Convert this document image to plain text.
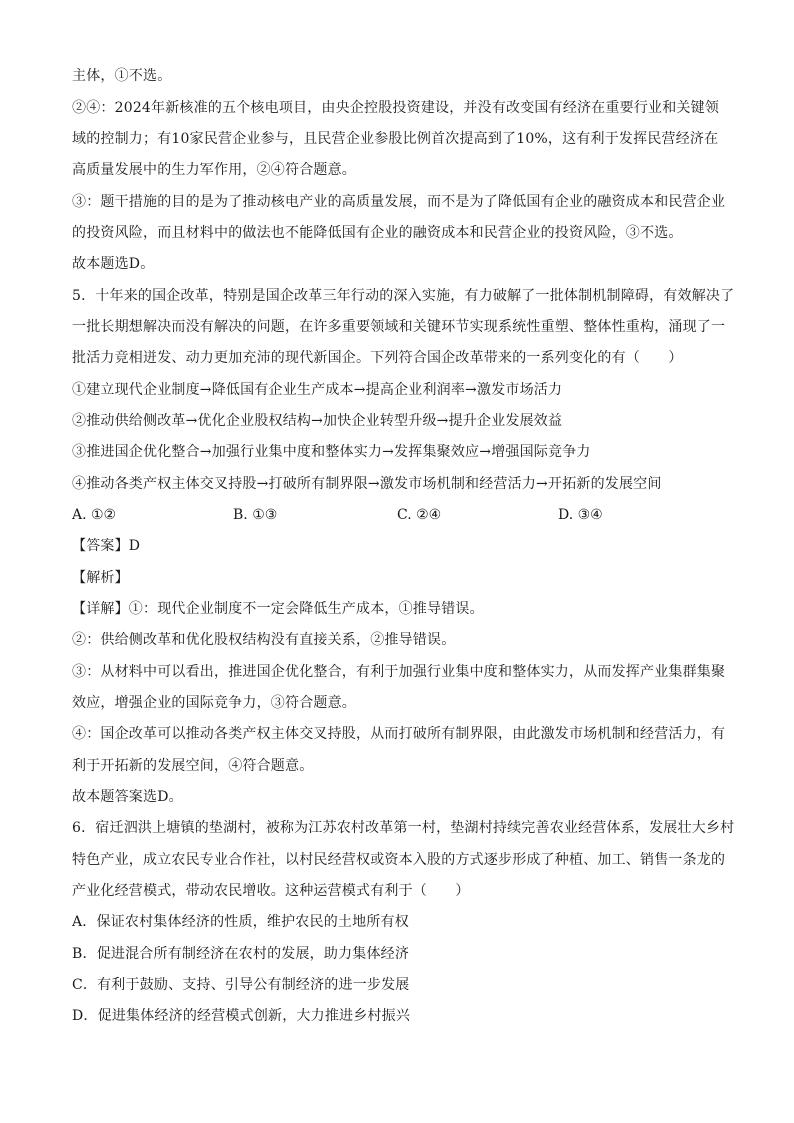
主体，①不选。
②④：2024年新核准的五个核电项目，由央企控股投资建设，并没有改变国有经济在重要行业和关键领
域的控制力；有10家民营企业参与，且民营企业参股比例首次提高到了10%，这有利于发挥民营经济在
高质量发展中的生力军作用，②④符合题意。
③：题干措施的目的是为了推动核电产业的高质量发展，而不是为了降低国有企业的融资成本和民营企业
的投资风险，而且材料中的做法也不能降低国有企业的融资成本和民营企业的投资风险，③不选。
故本题选D。
5．十年来的国企改革，特别是国企改革三年行动的深入实施，有力破解了一批体制机制障碍，有效解决了
一批长期想解决而没有解决的问题，在许多重要领域和关键环节实现系统性重塑、整体性重构，涌现了一
批活力竞相迸发、动力更加充沛的现代新国企。下列符合国企改革带来的一系列变化的有（　　）
①建立现代企业制度→降低国有企业生产成本→提高企业利润率→激发市场活力
②推动供给侧改革→优化企业股权结构→加快企业转型升级→提升企业发展效益
③推进国企优化整合→加强行业集中度和整体实力→发挥集聚效应→增强国际竞争力
④推动各类产权主体交叉持股→打破所有制界限→激发市场机制和经营活力→开拓新的发展空间
A. ①②	B. ①③	C. ②④	D. ③④
【答案】D
【解析】
【详解】①：现代企业制度不一定会降低生产成本，①推导错误。
②：供给侧改革和优化股权结构没有直接关系，②推导错误。
③：从材料中可以看出，推进国企优化整合，有利于加强行业集中度和整体实力，从而发挥产业集群集聚
效应，增强企业的国际竞争力，③符合题意。
④：国企改革可以推动各类产权主体交叉持股，从而打破所有制界限，由此激发市场机制和经营活力，有
利于开拓新的发展空间，④符合题意。
故本题答案选D。
6．宿迁泗洪上塘镇的垫湖村，被称为江苏农村改革第一村，垫湖村持续完善农业经营体系，发展壮大乡村
特色产业，成立农民专业合作社，以村民经营权或资本入股的方式逐步形成了种植、加工、销售一条龙的
产业化经营模式，带动农民增收。这种运营模式有利于（　　）
A．保证农村集体经济的性质，维护农民的土地所有权
B．促进混合所有制经济在农村的发展，助力集体经济
C．有利于鼓励、支持、引导公有制经济的进一步发展
D．促进集体经济的经营模式创新，大力推进乡村振兴
